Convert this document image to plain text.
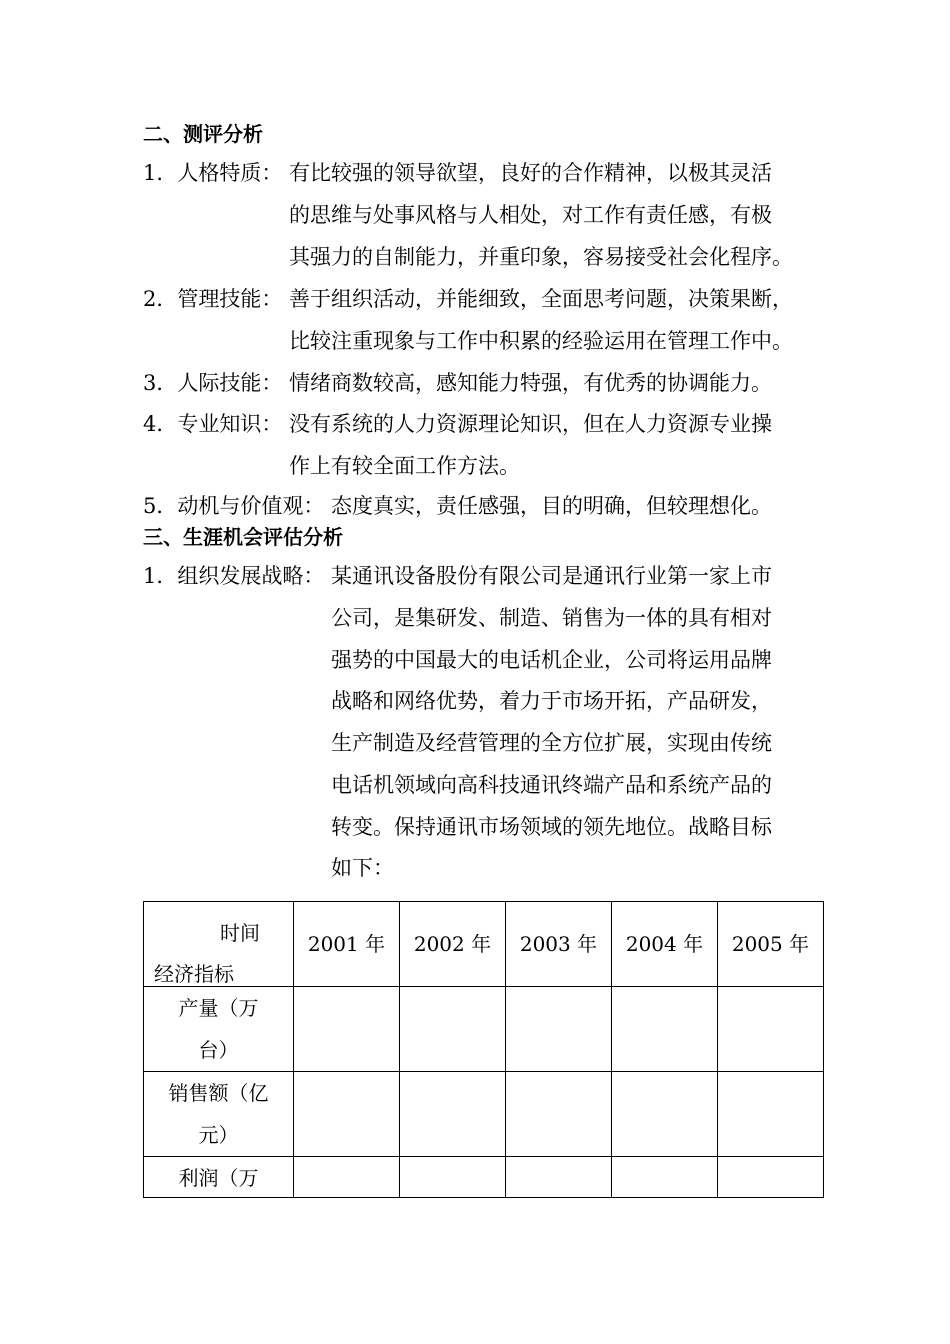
二、测评分析
1．人格特质： 有比较强的领导欲望，良好的合作精神，以极其灵活
的思维与处事风格与人相处，对工作有责任感，有极
其强力的自制能力，并重印象，容易接受社会化程序。
2．管理技能： 善于组织活动，并能细致，全面思考问题，决策果断，
比较注重现象与工作中积累的经验运用在管理工作中。
3．人际技能： 情绪商数较高，感知能力特强，有优秀的协调能力。
4．专业知识： 没有系统的人力资源理论知识，但在人力资源专业操
作上有较全面工作方法。
5．动机与价值观： 态度真实，责任感强，目的明确，但较理想化。
三、生涯机会评估分析
1．组织发展战略： 某通讯设备股份有限公司是通讯行业第一家上市
公司，是集研发、制造、销售为一体的具有相对
强势的中国最大的电话机企业，公司将运用品牌
战略和网络优势，着力于市场开拓，产品研发，
生产制造及经营管理的全方位扩展，实现由传统
电话机领域向高科技通讯终端产品和系统产品的
转变。保持通讯市场领域的领先地位。战略目标
如下：
时间
经济指标	2001 年	2002 年	2003 年	2004 年	2005 年

产量（万
台）					

销售额（亿
元）					

利润（万					
